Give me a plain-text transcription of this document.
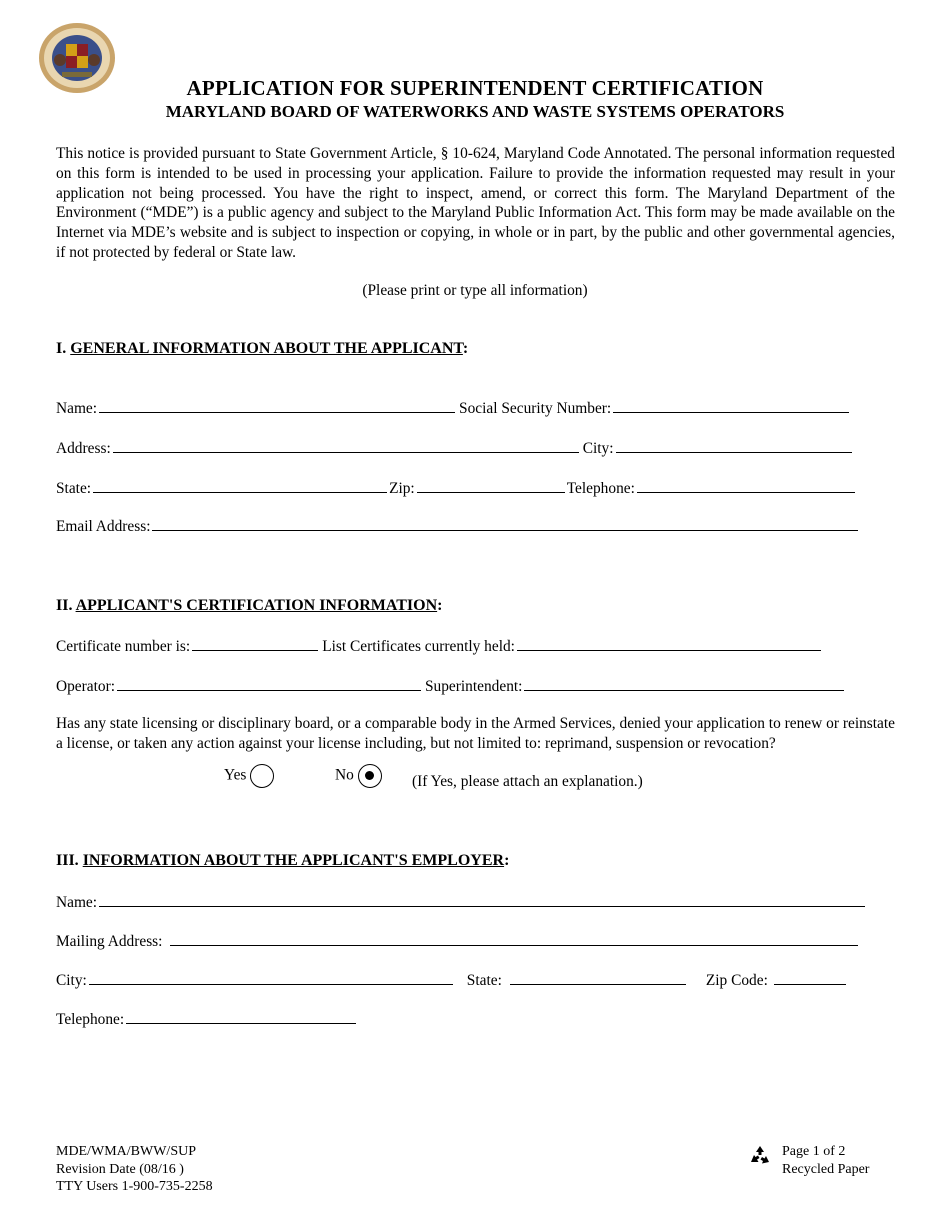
APPLICATION FOR SUPERINTENDENT CERTIFICATION
MARYLAND BOARD OF WATERWORKS AND WASTE SYSTEMS OPERATORS
This notice is provided pursuant to State Government Article, § 10-624, Maryland Code Annotated. The personal information requested on this form is intended to be used in processing your application. Failure to provide the information requested may result in your application not being processed. You have the right to inspect, amend, or correct this form. The Maryland Department of the Environment (“MDE”) is a public agency and subject to the Maryland Public Information Act. This form may be made available on the Internet via MDE’s website and is subject to inspection or copying, in whole or in part, by the public and other governmental agencies, if not protected by federal or State law.
(Please print or type all information)
I. GENERAL INFORMATION ABOUT THE APPLICANT:
Name:	Social Security Number:
Address:	City:
State:	Zip:	Telephone:
Email Address:
II. APPLICANT'S CERTIFICATION INFORMATION:
Certificate number is:	List Certificates currently held:
Operator:	Superintendent:
Has any state licensing or disciplinary board, or a comparable body in the Armed Services, denied your application to renew or reinstate a license, or taken any action against your license including, but not limited to: reprimand, suspension or revocation?
Yes	No	(If Yes, please attach an explanation.)
III. INFORMATION ABOUT THE APPLICANT'S EMPLOYER:
Name:
Mailing Address:
City:	State:	Zip Code:
Telephone:
MDE/WMA/BWW/SUP
Revision Date (08/16 )
TTY Users 1-900-735-2258
Page 1 of 2
Recycled Paper
